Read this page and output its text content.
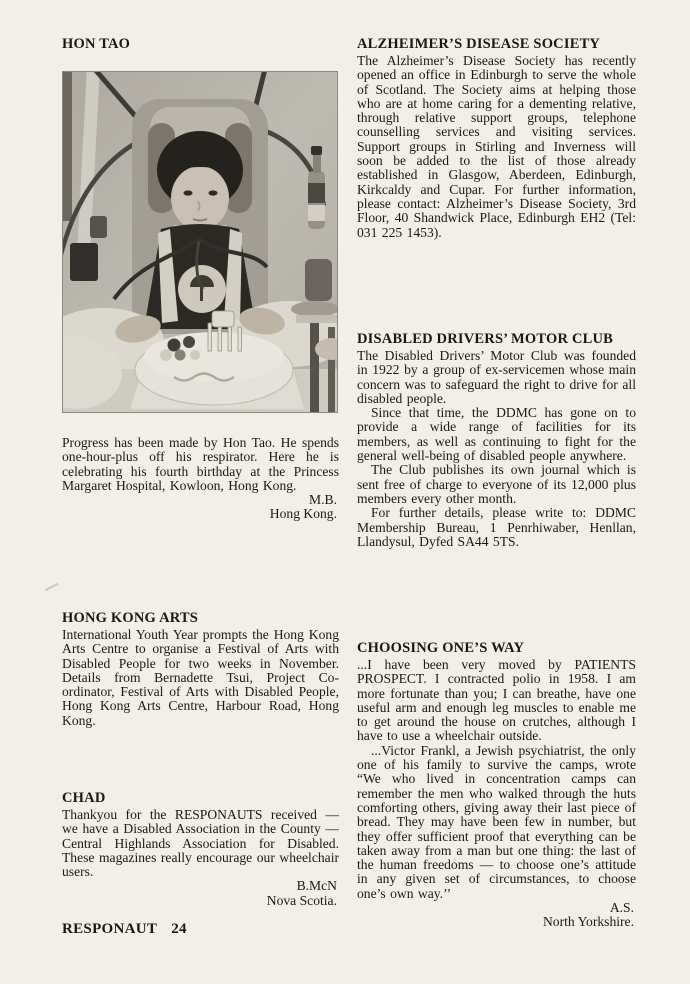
HON TAO

Progress has been made by Hon Tao. He spends one-hour-plus off his respirator. Here he is celebrating his fourth birthday at the Princess Margaret Hospital, Kowloon, Hong Kong.

M.B.

Hong Kong.

HONG KONG ARTS

International Youth Year prompts the Hong Kong Arts Centre to organise a Festival of Arts with Disabled People for two weeks in November. Details from Bernadette Tsui, Project Co-ordinator, Festival of Arts with Disabled People, Hong Kong Arts Centre, Harbour Road, Hong Kong.

CHAD

Thankyou for the RESPONAUTS received — we have a Disabled Association in the County — Central Highlands Association for Disabled. These magazines really encourage our wheelchair users.

B.McN

Nova Scotia.

ALZHEIMER’S DISEASE SOCIETY

The Alzheimer’s Disease Society has recently opened an office in Edinburgh to serve the whole of Scotland. The Society aims at helping those who are at home caring for a dementing relative, through relative support groups, telephone counselling services and visiting services. Support groups in Stirling and Inverness will soon be added to the list of those already established in Glasgow, Aberdeen, Edinburgh, Kirkcaldy and Cupar. For further information, please contact: Alzheimer’s Disease Society, 3rd Floor, 40 Shandwick Place, Edinburgh EH2 (Tel: 031 225 1453).

DISABLED DRIVERS’ MOTOR CLUB

The Disabled Drivers’ Motor Club was founded in 1922 by a group of ex-servicemen whose main concern was to safeguard the right to drive for all disabled people.

Since that time, the DDMC has gone on to provide a wide range of facilities for its members, as well as continuing to fight for the general well-being of disabled people anywhere.

The Club publishes its own journal which is sent free of charge to everyone of its 12,000 plus members every other month.

For further details, please write to: DDMC Membership Bureau, 1 Penrhiwaber, Henllan, Llandysul, Dyfed SA44 5TS.

CHOOSING ONE’S WAY

...I have been very moved by PATIENTS PROSPECT. I contracted polio in 1958. I am more fortunate than you; I can breathe, have one useful arm and enough leg muscles to enable me to get around the house on crutches, although I have to use a wheelchair outside.

...Victor Frankl, a Jewish psychiatrist, the only one of his family to survive the camps, wrote “We who lived in concentration camps can remember the men who walked through the huts comforting others, giving away their last piece of bread. They may have been few in number, but they offer sufficient proof that everything can be taken away from a man but one thing: the last of the human freedoms — to choose one’s attitude in any given set of circumstances, to choose one’s own way.’’

A.S.

North Yorkshire.

RESPONAUT 24
